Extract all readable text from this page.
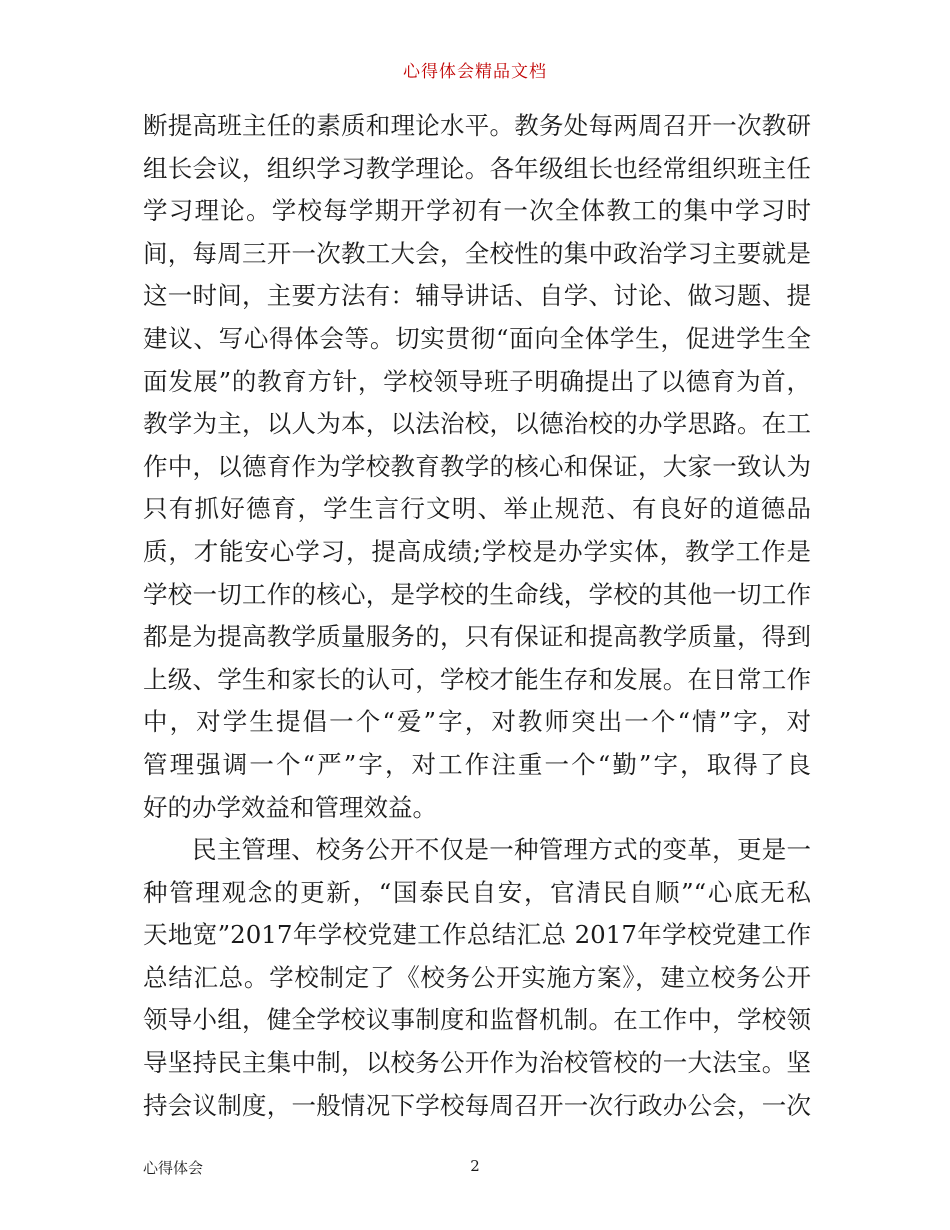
心得体会精品文档
断提高班主任的素质和理论水平。教务处每两周召开一次教研
组长会议，组织学习教学理论。各年级组长也经常组织班主任
学习理论。学校每学期开学初有一次全体教工的集中学习时
间，每周三开一次教工大会，全校性的集中政治学习主要就是
这一时间，主要方法有：辅导讲话、自学、讨论、做习题、提
建议、写心得体会等。切实贯彻“面向全体学生，促进学生全
面发展”的教育方针，学校领导班子明确提出了以德育为首，
教学为主，以人为本，以法治校，以德治校的办学思路。在工
作中，以德育作为学校教育教学的核心和保证，大家一致认为
只有抓好德育，学生言行文明、举止规范、有良好的道德品
质，才能安心学习，提高成绩;学校是办学实体，教学工作是
学校一切工作的核心，是学校的生命线，学校的其他一切工作
都是为提高教学质量服务的，只有保证和提高教学质量，得到
上级、学生和家长的认可，学校才能生存和发展。在日常工作
中，对学生提倡一个“爱”字，对教师突出一个“情”字，对
管理强调一个“严”字，对工作注重一个“勤”字，取得了良
好的办学效益和管理效益。
民主管理、校务公开不仅是一种管理方式的变革，更是一
种管理观念的更新，“国泰民自安，官清民自顺”“心底无私
天地宽”2017年学校党建工作总结汇总 2017年学校党建工作
总结汇总。学校制定了《校务公开实施方案》，建立校务公开
领导小组，健全学校议事制度和监督机制。在工作中，学校领
导坚持民主集中制，以校务公开作为治校管校的一大法宝。坚
持会议制度，一般情况下学校每周召开一次行政办公会，一次
心得体会	2
